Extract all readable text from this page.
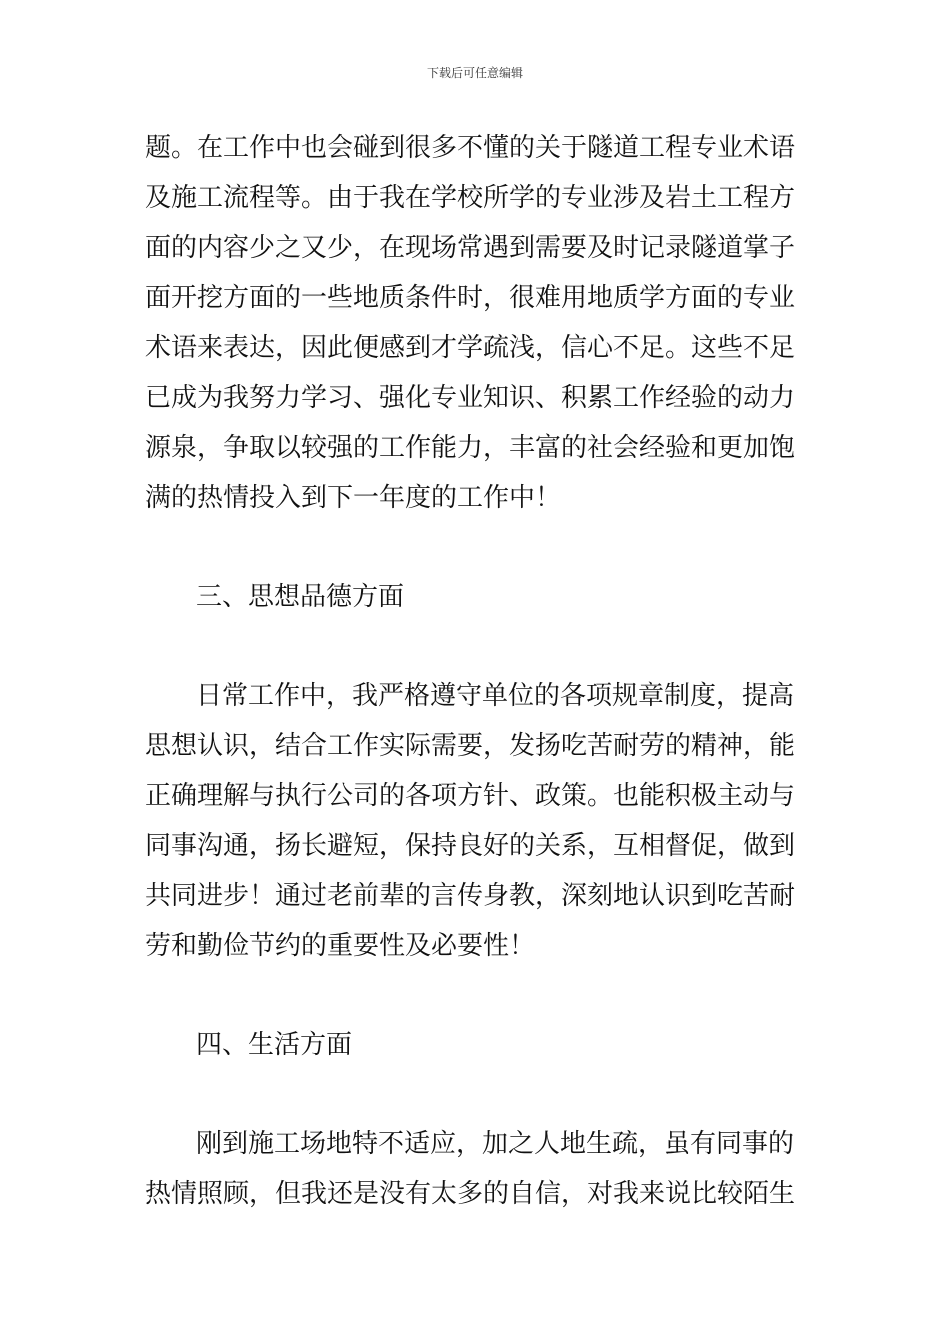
下载后可任意编辑
题。在工作中也会碰到很多不懂的关于隧道工程专业术语
及施工流程等。由于我在学校所学的专业涉及岩土工程方
面的内容少之又少，在现场常遇到需要及时记录隧道掌子
面开挖方面的一些地质条件时，很难用地质学方面的专业
术语来表达，因此便感到才学疏浅，信心不足。这些不足
已成为我努力学习、强化专业知识、积累工作经验的动力
源泉，争取以较强的工作能力，丰富的社会经验和更加饱
满的热情投入到下一年度的工作中！
三、思想品德方面
日常工作中，我严格遵守单位的各项规章制度，提高
思想认识，结合工作实际需要，发扬吃苦耐劳的精神，能
正确理解与执行公司的各项方针、政策。也能积极主动与
同事沟通，扬长避短，保持良好的关系，互相督促，做到
共同进步！通过老前辈的言传身教，深刻地认识到吃苦耐
劳和勤俭节约的重要性及必要性！
四、生活方面
刚到施工场地特不适应，加之人地生疏，虽有同事的
热情照顾，但我还是没有太多的自信，对我来说比较陌生
